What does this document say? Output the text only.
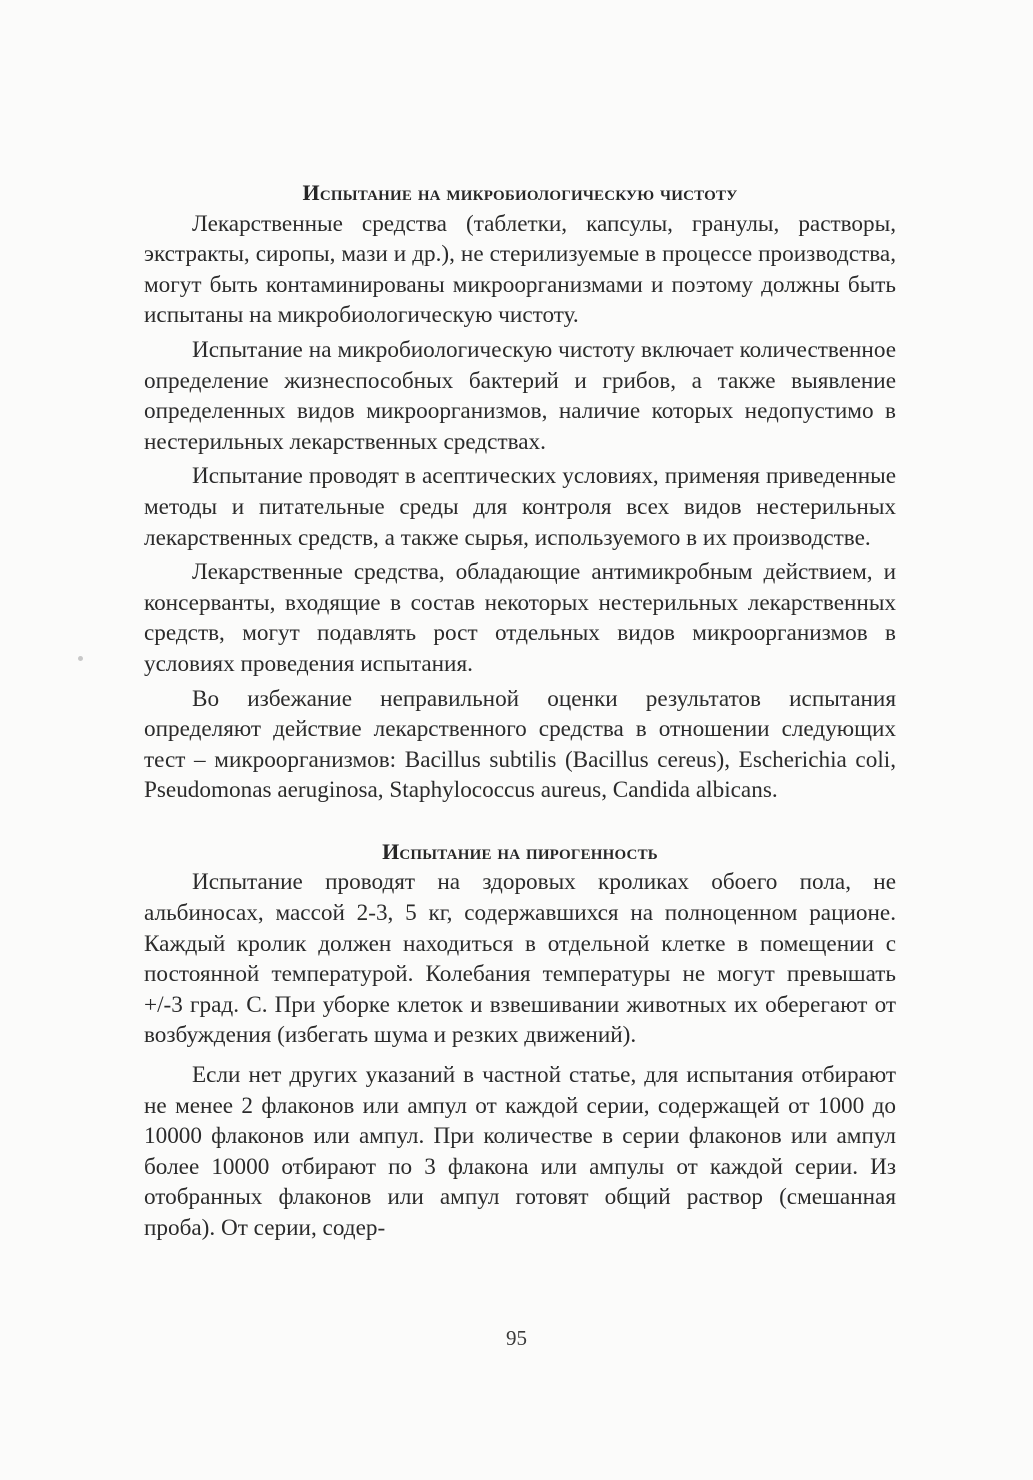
Испытание на микробиологическую чистоту

Лекарственные средства (таблетки, капсулы, гранулы, растворы, экстракты, сиропы, мази и др.), не стерилизуемые в процессе производства, могут быть контаминированы микроорганизмами и поэтому должны быть испытаны на микробиологическую чистоту.

Испытание на микробиологическую чистоту включает количественное определение жизнеспособных бактерий и грибов, а также выявление определенных видов микроорганизмов, наличие которых недопустимо в нестерильных лекарственных средствах.

Испытание проводят в асептических условиях, применяя приведенные методы и питательные среды для контроля всех видов нестерильных лекарственных средств, а также сырья, используемого в их производстве.

Лекарственные средства, обладающие антимикробным действием, и консерванты, входящие в состав некоторых нестерильных лекарственных средств, могут подавлять рост отдельных видов микроорганизмов в условиях проведения испытания.

Во избежание неправильной оценки результатов испытания определяют действие лекарственного средства в отношении следующих тест – микроорганизмов: Bacillus subtilis (Bacillus cereus), Escherichia coli, Pseudomonas aeruginosa, Staphylococcus aureus, Candida albicans.

Испытание на пирогенность

Испытание проводят на здоровых кроликах обоего пола, не альбиносах, массой 2-3, 5 кг, содержавшихся на полноценном рационе. Каждый кролик должен находиться в отдельной клетке в помещении с постоянной температурой. Колебания температуры не могут превышать +/-3 град. С. При уборке клеток и взвешивании животных их оберегают от возбуждения (избегать шума и резких движений).

Если нет других указаний в частной статье, для испытания отбирают не менее 2 флаконов или ампул от каждой серии, содержащей от 1000 до 10000 флаконов или ампул. При количестве в серии флаконов или ампул более 10000 отбирают по 3 флакона или ампулы от каждой серии. Из отобранных флаконов или ампул готовят общий раствор (смешанная проба). От серии, содер-

95
